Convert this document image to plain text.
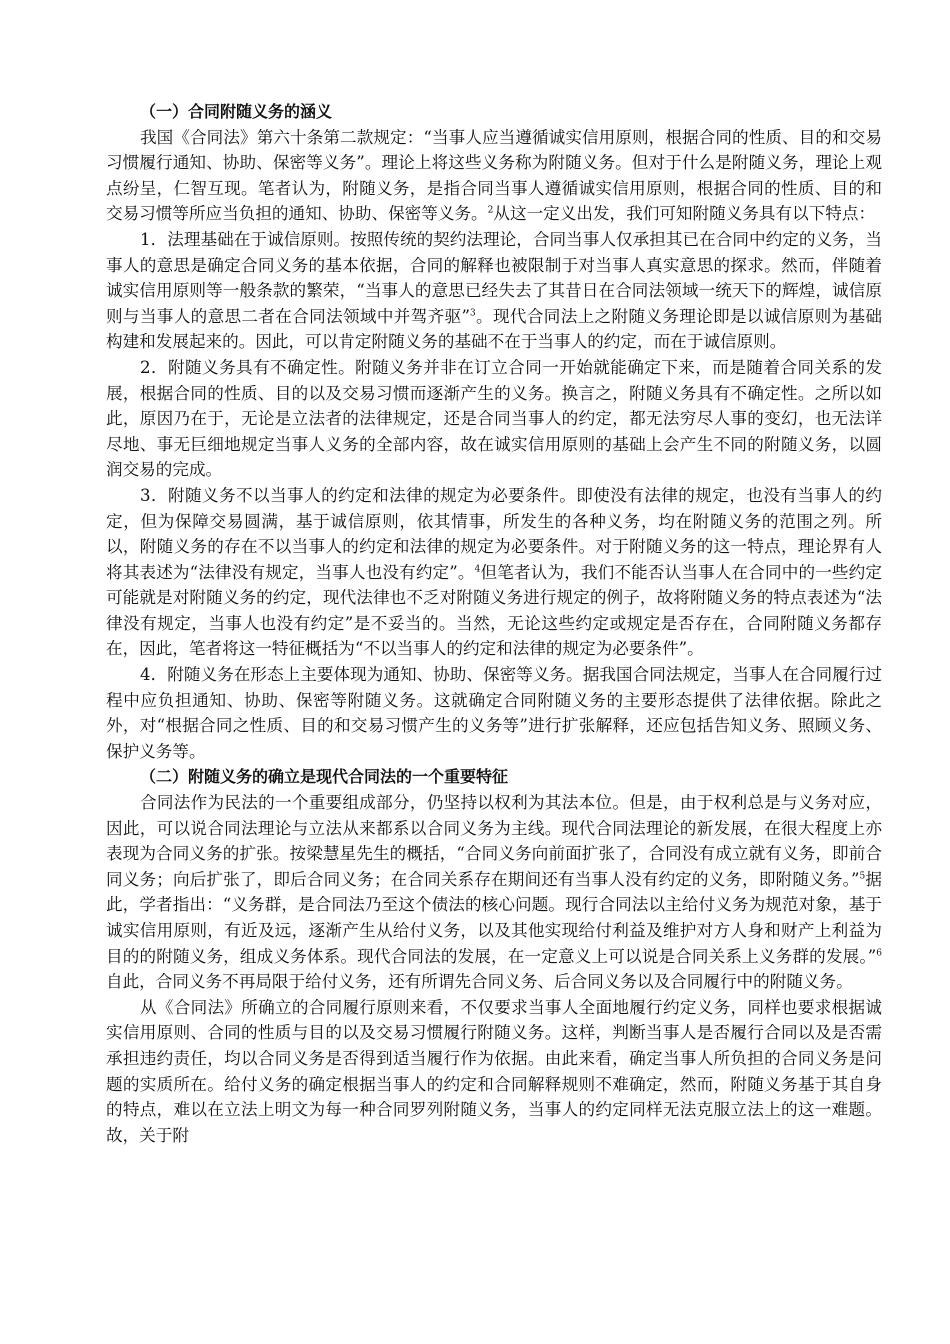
（一）合同附随义务的涵义

我国《合同法》第六十条第二款规定：“当事人应当遵循诚实信用原则，根据合同的性质、目的和交易习惯履行通知、协助、保密等义务”。理论上将这些义务称为附随义务。但对于什么是附随义务，理论上观点纷呈，仁智互现。笔者认为，附随义务，是指合同当事人遵循诚实信用原则，根据合同的性质、目的和交易习惯等所应当负担的通知、协助、保密等义务。$^2$从这一定义出发，我们可知附随义务具有以下特点：

1．法理基础在于诚信原则。按照传统的契约法理论，合同当事人仅承担其已在合同中约定的义务，当事人的意思是确定合同义务的基本依据，合同的解释也被限制于对当事人真实意思的探求。然而，伴随着诚实信用原则等一般条款的繁荣，“当事人的意思已经失去了其昔日在合同法领域一统天下的辉煌，诚信原则与当事人的意思二者在合同法领域中并驾齐驱”$^3$。现代合同法上之附随义务理论即是以诚信原则为基础构建和发展起来的。因此，可以肯定附随义务的基础不在于当事人的约定，而在于诚信原则。

2．附随义务具有不确定性。附随义务并非在订立合同一开始就能确定下来，而是随着合同关系的发展，根据合同的性质、目的以及交易习惯而逐渐产生的义务。换言之，附随义务具有不确定性。之所以如此，原因乃在于，无论是立法者的法律规定，还是合同当事人的约定，都无法穷尽人事的变幻，也无法详尽地、事无巨细地规定当事人义务的全部内容，故在诚实信用原则的基础上会产生不同的附随义务，以圆润交易的完成。

3．附随义务不以当事人的约定和法律的规定为必要条件。即使没有法律的规定，也没有当事人的约定，但为保障交易圆满，基于诚信原则，依其情事，所发生的各种义务，均在附随义务的范围之列。所以，附随义务的存在不以当事人的约定和法律的规定为必要条件。对于附随义务的这一特点，理论界有人将其表述为“法律没有规定，当事人也没有约定”。$^4$但笔者认为，我们不能否认当事人在合同中的一些约定可能就是对附随义务的约定，现代法律也不乏对附随义务进行规定的例子，故将附随义务的特点表述为“法律没有规定，当事人也没有约定”是不妥当的。当然，无论这些约定或规定是否存在，合同附随义务都存在，因此，笔者将这一特征概括为“不以当事人的约定和法律的规定为必要条件”。

4．附随义务在形态上主要体现为通知、协助、保密等义务。据我国合同法规定，当事人在合同履行过程中应负担通知、协助、保密等附随义务。这就确定合同附随义务的主要形态提供了法律依据。除此之外，对“根据合同之性质、目的和交易习惯产生的义务等”进行扩张解释，还应包括告知义务、照顾义务、保护义务等。

（二）附随义务的确立是现代合同法的一个重要特征

合同法作为民法的一个重要组成部分，仍坚持以权利为其法本位。但是，由于权利总是与义务对应，因此，可以说合同法理论与立法从来都系以合同义务为主线。现代合同法理论的新发展，在很大程度上亦表现为合同义务的扩张。按梁慧星先生的概括，“合同义务向前面扩张了，合同没有成立就有义务，即前合同义务；向后扩张了，即后合同义务；在合同关系存在期间还有当事人没有约定的义务，即附随义务。”$^5$据此，学者指出：“义务群，是合同法乃至这个债法的核心问题。现行合同法以主给付义务为规范对象，基于诚实信用原则，有近及远，逐渐产生从给付义务，以及其他实现给付利益及维护对方人身和财产上利益为目的的附随义务，组成义务体系。现代合同法的发展，在一定意义上可以说是合同关系上义务群的发展。”$^6$自此，合同义务不再局限于给付义务，还有所谓先合同义务、后合同义务以及合同履行中的附随义务。

从《合同法》所确立的合同履行原则来看，不仅要求当事人全面地履行约定义务，同样也要求根据诚实信用原则、合同的性质与目的以及交易习惯履行附随义务。这样，判断当事人是否履行合同以及是否需承担违约责任，均以合同义务是否得到适当履行作为依据。由此来看，确定当事人所负担的合同义务是问题的实质所在。给付义务的确定根据当事人的约定和合同解释规则不难确定，然而，附随义务基于其自身的特点，难以在立法上明文为每一种合同罗列附随义务，当事人的约定同样无法克服立法上的这一难题。故，关于附
